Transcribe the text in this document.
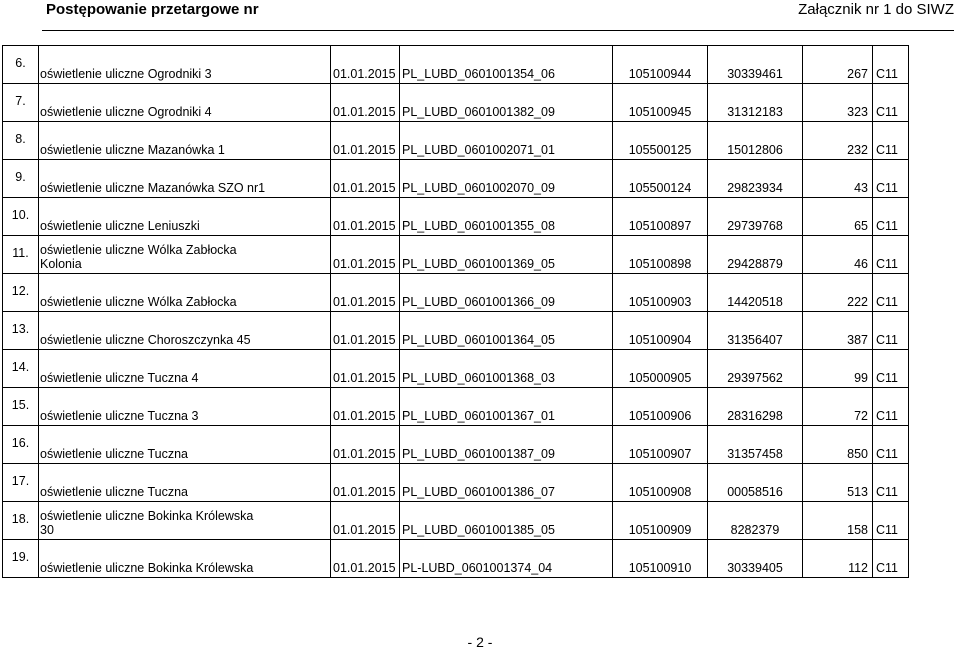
Postępowanie przetargowe nr	Załącznik nr 1 do SIWZ
6.	oświetlenie uliczne Ogrodniki 3	01.01.2015	PL_LUBD_0601001354_06	105100944	30339461	267	C11
7.	oświetlenie uliczne Ogrodniki 4	01.01.2015	PL_LUBD_0601001382_09	105100945	31312183	323	C11
8.	oświetlenie uliczne Mazanówka 1	01.01.2015	PL_LUBD_0601002071_01	105500125	15012806	232	C11
9.	oświetlenie uliczne Mazanówka SZO nr1	01.01.2015	PL_LUBD_0601002070_09	105500124	29823934	43	C11
10.	oświetlenie uliczne Leniuszki	01.01.2015	PL_LUBD_0601001355_08	105100897	29739768	65	C11
11.	oświetlenie uliczne Wólka Zabłocka
Kolonia	01.01.2015	PL_LUBD_0601001369_05	105100898	29428879	46	C11
12.	oświetlenie uliczne Wólka Zabłocka	01.01.2015	PL_LUBD_0601001366_09	105100903	14420518	222	C11
13.	oświetlenie uliczne Choroszczynka 45	01.01.2015	PL_LUBD_0601001364_05	105100904	31356407	387	C11
14.	oświetlenie uliczne Tuczna 4	01.01.2015	PL_LUBD_0601001368_03	105000905	29397562	99	C11
15.	oświetlenie uliczne Tuczna 3	01.01.2015	PL_LUBD_0601001367_01	105100906	28316298	72	C11
16.	oświetlenie uliczne Tuczna	01.01.2015	PL_LUBD_0601001387_09	105100907	31357458	850	C11
17.	oświetlenie uliczne Tuczna	01.01.2015	PL_LUBD_0601001386_07	105100908	00058516	513	C11
18.	oświetlenie uliczne Bokinka Królewska
30	01.01.2015	PL_LUBD_0601001385_05	105100909	8282379	158	C11
19.	oświetlenie uliczne Bokinka Królewska	01.01.2015	PL-LUBD_0601001374_04	105100910	30339405	112	C11
- 2 -
